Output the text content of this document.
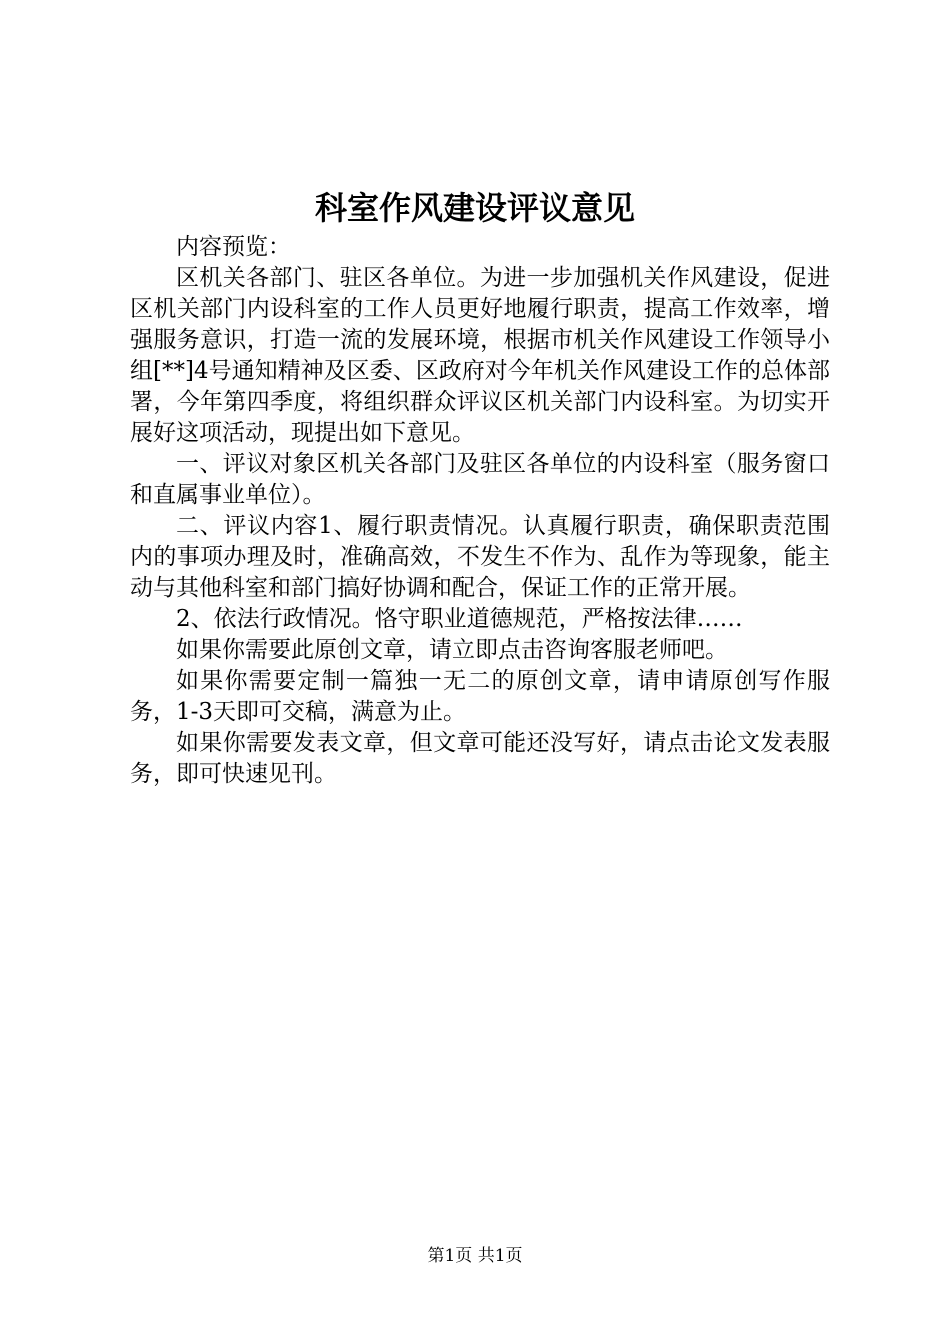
科室作风建设评议意见

内容预览：

区机关各部门、驻区各单位。为进一步加强机关作风建设，促进区机关部门内设科室的工作人员更好地履行职责，提高工作效率，增强服务意识，打造一流的发展环境，根据市机关作风建设工作领导小组[**]4号通知精神及区委、区政府对今年机关作风建设工作的总体部署，今年第四季度，将组织群众评议区机关部门内设科室。为切实开展好这项活动，现提出如下意见。

一、评议对象区机关各部门及驻区各单位的内设科室（服务窗口和直属事业单位）。

二、评议内容1、履行职责情况。认真履行职责，确保职责范围内的事项办理及时，准确高效，不发生不作为、乱作为等现象，能主动与其他科室和部门搞好协调和配合，保证工作的正常开展。

2、依法行政情况。恪守职业道德规范，严格按法律……

如果你需要此原创文章，请立即点击咨询客服老师吧。

如果你需要定制一篇独一无二的原创文章，请申请原创写作服务，1-3天即可交稿，满意为止。

如果你需要发表文章，但文章可能还没写好，请点击论文发表服务，即可快速见刊。

第1页 共1页
